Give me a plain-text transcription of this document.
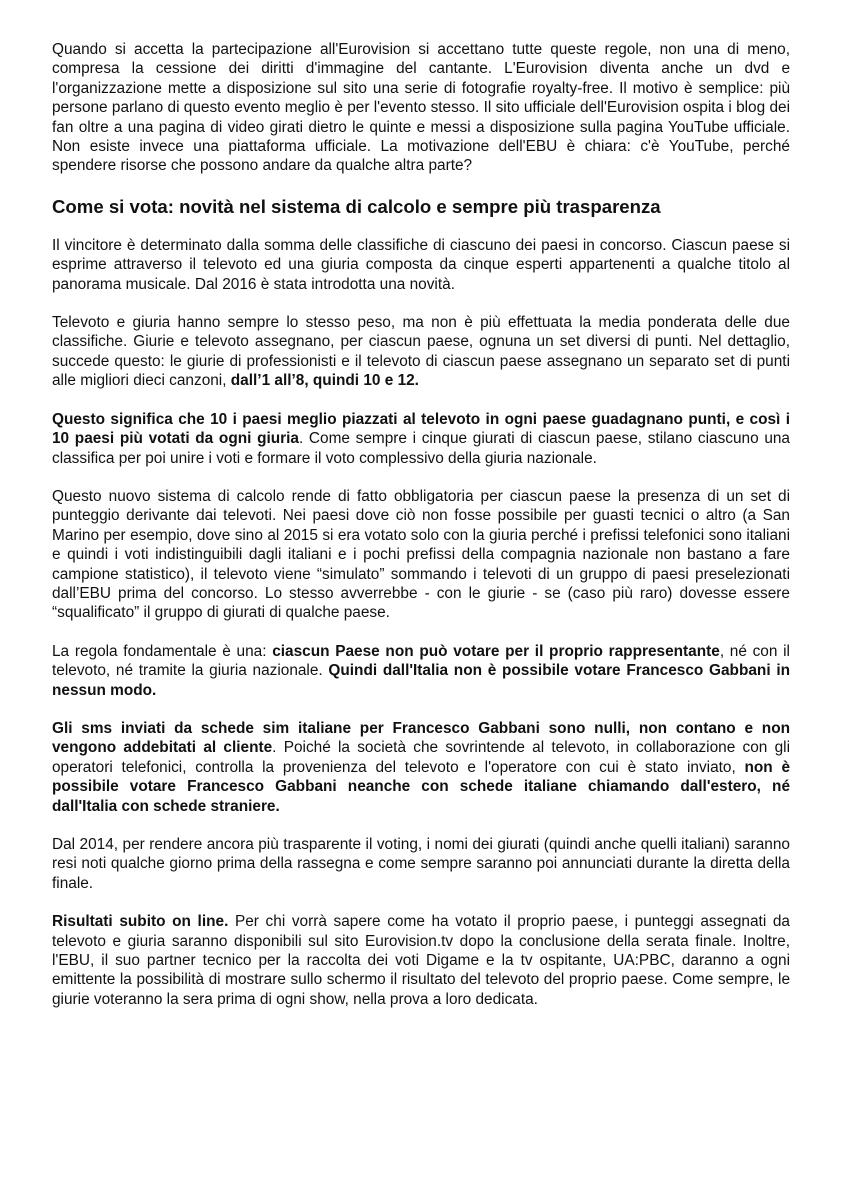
Quando si accetta la partecipazione all'Eurovision si accettano tutte queste regole, non una di meno, compresa la cessione dei diritti d'immagine del cantante. L'Eurovision diventa anche un dvd e l'organizzazione mette a disposizione sul sito una serie di fotografie royalty-free. Il motivo è semplice: più persone parlano di questo evento meglio è per l'evento stesso. Il sito ufficiale dell'Eurovision ospita i blog dei fan oltre a una pagina di video girati dietro le quinte e messi a disposizione sulla pagina YouTube ufficiale. Non esiste invece una piattaforma ufficiale. La motivazione dell'EBU è chiara: c'è YouTube, perché spendere risorse che possono andare da qualche altra parte?

Come si vota: novità nel sistema di calcolo e sempre più trasparenza

Il vincitore è determinato dalla somma delle classifiche di ciascuno dei paesi in concorso. Ciascun paese si esprime attraverso il televoto ed una giuria composta da cinque esperti appartenenti a qualche titolo al panorama musicale. Dal 2016 è stata introdotta una novità.

Televoto e giuria hanno sempre lo stesso peso, ma non è più effettuata la media ponderata delle due classifiche. Giurie e televoto assegnano, per ciascun paese, ognuna un set diversi di punti. Nel dettaglio, succede questo: le giurie di professionisti e il televoto di ciascun paese assegnano un separato set di punti alle migliori dieci canzoni, dall’1 all’8, quindi 10 e 12.

Questo significa che 10 i paesi meglio piazzati al televoto in ogni paese guadagnano punti, e così i 10 paesi più votati da ogni giuria. Come sempre i cinque giurati di ciascun paese, stilano ciascuno una classifica per poi unire i voti e formare il voto complessivo della giuria nazionale.

Questo nuovo sistema di calcolo rende di fatto obbligatoria per ciascun paese la presenza di un set di punteggio derivante dai televoti. Nei paesi dove ciò non fosse possibile per guasti tecnici o altro (a San Marino per esempio, dove sino al 2015 si era votato solo con la giuria perché i prefissi telefonici sono italiani e quindi i voti indistinguibili dagli italiani e i pochi prefissi della compagnia nazionale non bastano a fare campione statistico), il televoto viene “simulato” sommando i televoti di un gruppo di paesi preselezionati dall’EBU prima del concorso. Lo stesso avverrebbe - con le giurie - se (caso più raro) dovesse essere “squalificato” il gruppo di giurati di qualche paese.

La regola fondamentale è una: ciascun Paese non può votare per il proprio rappresentante, né con il televoto, né tramite la giuria nazionale. Quindi dall'Italia non è possibile votare Francesco Gabbani in nessun modo.

Gli sms inviati da schede sim italiane per Francesco Gabbani sono nulli, non contano e non vengono addebitati al cliente. Poiché la società che sovrintende al televoto, in collaborazione con gli operatori telefonici, controlla la provenienza del televoto e l'operatore con cui è stato inviato, non è possibile votare Francesco Gabbani neanche con schede italiane chiamando dall'estero, né dall'Italia con schede straniere.

Dal 2014, per rendere ancora più trasparente il voting, i nomi dei giurati (quindi anche quelli italiani) saranno resi noti qualche giorno prima della rassegna e come sempre saranno poi annunciati durante la diretta della finale.

Risultati subito on line. Per chi vorrà sapere come ha votato il proprio paese, i punteggi assegnati da televoto e giuria saranno disponibili sul sito Eurovision.tv dopo la conclusione della serata finale. Inoltre, l'EBU, il suo partner tecnico per la raccolta dei voti Digame e la tv ospitante, UA:PBC, daranno a ogni emittente la possibilità di mostrare sullo schermo il risultato del televoto del proprio paese. Come sempre, le giurie voteranno la sera prima di ogni show, nella prova a loro dedicata.
